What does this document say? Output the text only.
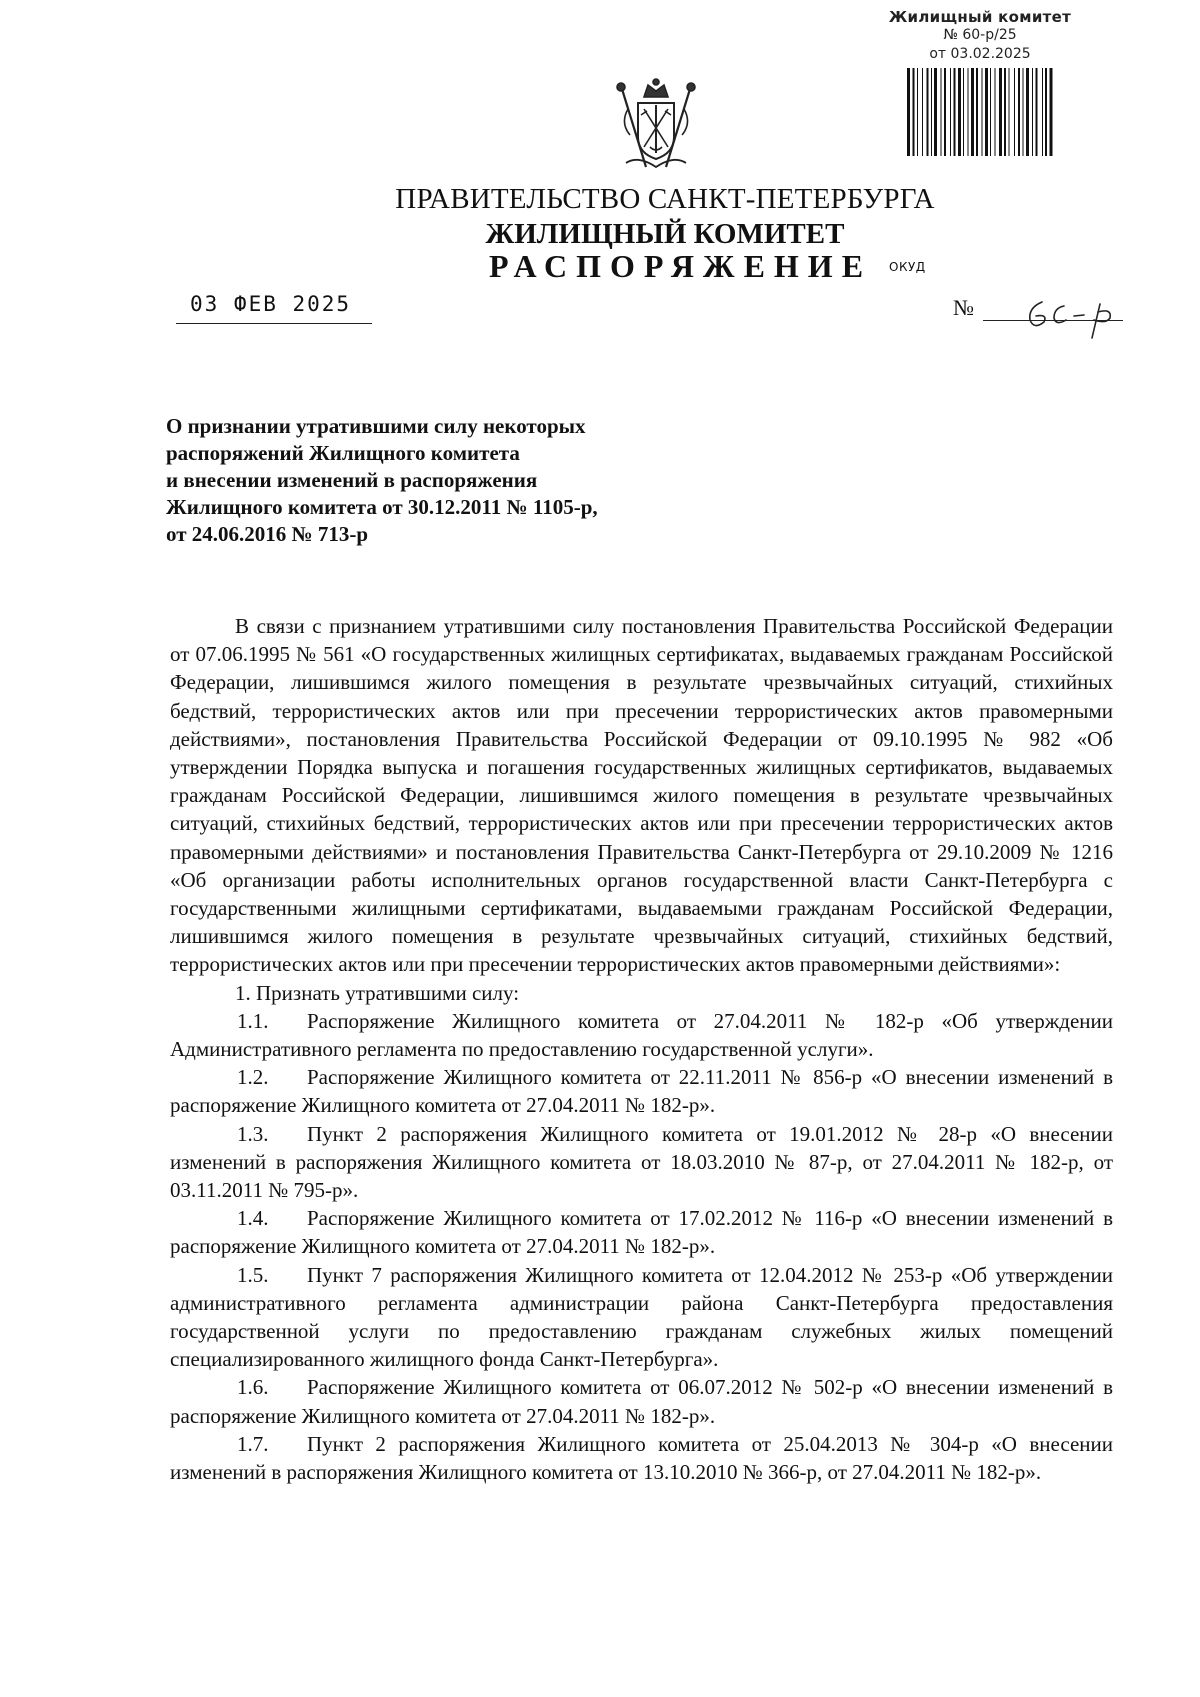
Жилищный комитет
№ 60-р/25
от 03.02.2025
ПРАВИТЕЛЬСТВО САНКТ-ПЕТЕРБУРГА
ЖИЛИЩНЫЙ КОМИТЕТ
РАСПОРЯЖЕНИЕ ОКУД
03 ФЕВ 2025	№
О признании утратившими силу некоторых
распоряжений Жилищного комитета
и внесении изменений в распоряжения
Жилищного комитета от 30.12.2011 № 1105-р,
от 24.06.2016 № 713-р

В связи с признанием утратившими силу постановления Правительства Российской Федерации от 07.06.1995 № 561 «О государственных жилищных сертификатах, выдаваемых гражданам Российской Федерации, лишившимся жилого помещения в результате чрезвычайных ситуаций, стихийных бедствий, террористических актов или при пресечении террористических актов правомерными действиями», постановления Правительства Российской Федерации от 09.10.1995 № 982 «Об утверждении Порядка выпуска и погашения государственных жилищных сертификатов, выдаваемых гражданам Российской Федерации, лишившимся жилого помещения в результате чрезвычайных ситуаций, стихийных бедствий, террористических актов или при пресечении террористических актов правомерными действиями» и постановления Правительства Санкт-Петербурга от 29.10.2009 № 1216 «Об организации работы исполнительных органов государственной власти Санкт-Петербурга с государственными жилищными сертификатами, выдаваемыми гражданам Российской Федерации, лишившимся жилого помещения в результате чрезвычайных ситуаций, стихийных бедствий, террористических актов или при пресечении террористических актов правомерными действиями»:

1. Признать утратившими силу:

1.1. Распоряжение Жилищного комитета от 27.04.2011 № 182-р «Об утверждении Административного регламента по предоставлению государственной услуги».

1.2. Распоряжение Жилищного комитета от 22.11.2011 № 856-р «О внесении изменений в распоряжение Жилищного комитета от 27.04.2011 № 182-р».

1.3. Пункт 2 распоряжения Жилищного комитета от 19.01.2012 № 28-р «О внесении изменений в распоряжения Жилищного комитета от 18.03.2010 № 87-р, от 27.04.2011 № 182-р, от 03.11.2011 № 795-р».

1.4. Распоряжение Жилищного комитета от 17.02.2012 № 116-р «О внесении изменений в распоряжение Жилищного комитета от 27.04.2011 № 182-р».

1.5. Пункт 7 распоряжения Жилищного комитета от 12.04.2012 № 253-р «Об утверждении административного регламента администрации района Санкт-Петербурга предоставления государственной услуги по предоставлению гражданам служебных жилых помещений специализированного жилищного фонда Санкт-Петербурга».

1.6. Распоряжение Жилищного комитета от 06.07.2012 № 502-р «О внесении изменений в распоряжение Жилищного комитета от 27.04.2011 № 182-р».

1.7. Пункт 2 распоряжения Жилищного комитета от 25.04.2013 № 304-р «О внесении изменений в распоряжения Жилищного комитета от 13.10.2010 № 366-р, от 27.04.2011 № 182-р».
